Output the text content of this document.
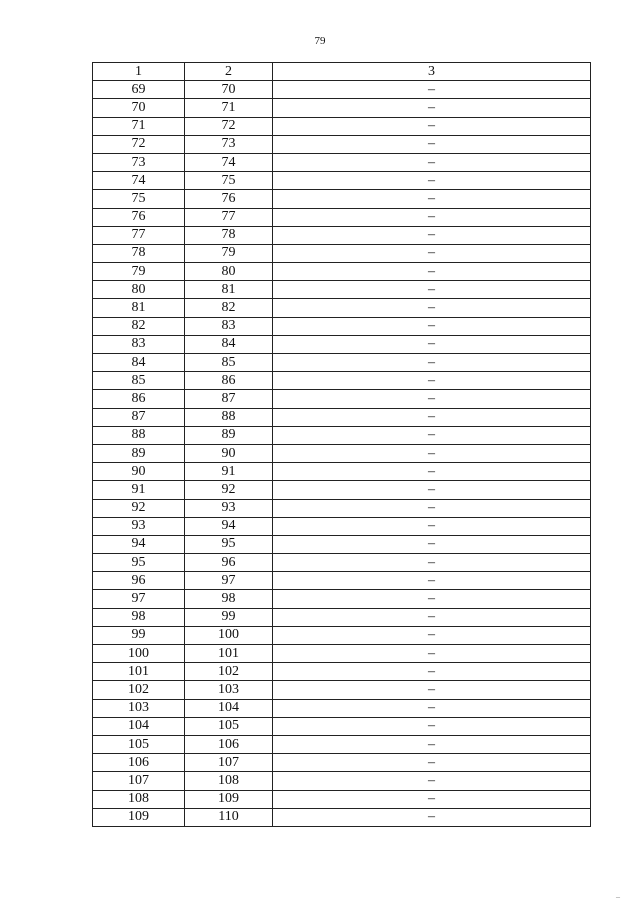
79
1	2	3
69	70	–
70	71	–
71	72	–
72	73	–
73	74	–
74	75	–
75	76	–
76	77	–
77	78	–
78	79	–
79	80	–
80	81	–
81	82	–
82	83	–
83	84	–
84	85	–
85	86	–
86	87	–
87	88	–
88	89	–
89	90	–
90	91	–
91	92	–
92	93	–
93	94	–
94	95	–
95	96	–
96	97	–
97	98	–
98	99	–
99	100	–
100	101	–
101	102	–
102	103	–
103	104	–
104	105	–
105	106	–
106	107	–
107	108	–
108	109	–
109	110	–
–
